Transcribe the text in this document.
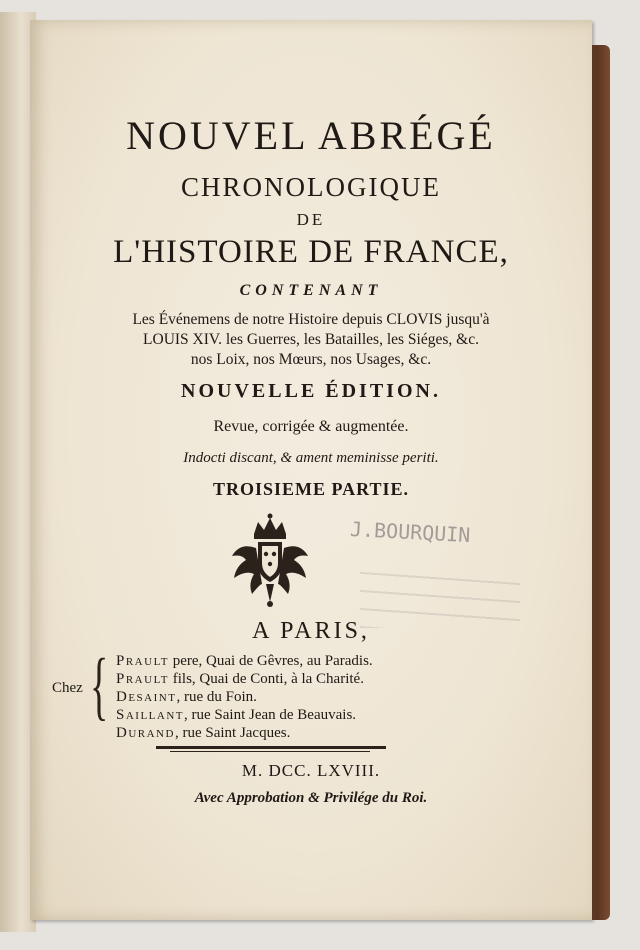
NOUVEL ABRÉGÉ
CHRONOLOGIQUE
DE
L'HISTOIRE DE FRANCE,
CONTENANT
Les Événemens de notre Histoire depuis CLOVIS jusqu'à
LOUIS XIV. les Guerres, les Batailles, les Siéges, &c.
nos Loix, nos Mœurs, nos Usages, &c.
NOUVELLE ÉDITION.
Revue, corrigée & augmentée.
Indocti discant, & ament meminisse periti.
TROISIEME PARTIE.
J.BOURQUIN
A PARIS,
Chez { Prault pere, Quai de Gêvres, au Paradis.
Prault fils, Quai de Conti, à la Charité.
Desaint, rue du Foin.
Saillant, rue Saint Jean de Beauvais.
Durand, rue Saint Jacques.
M. DCC. LXVIII.
Avec Approbation & Privilége du Roi.
